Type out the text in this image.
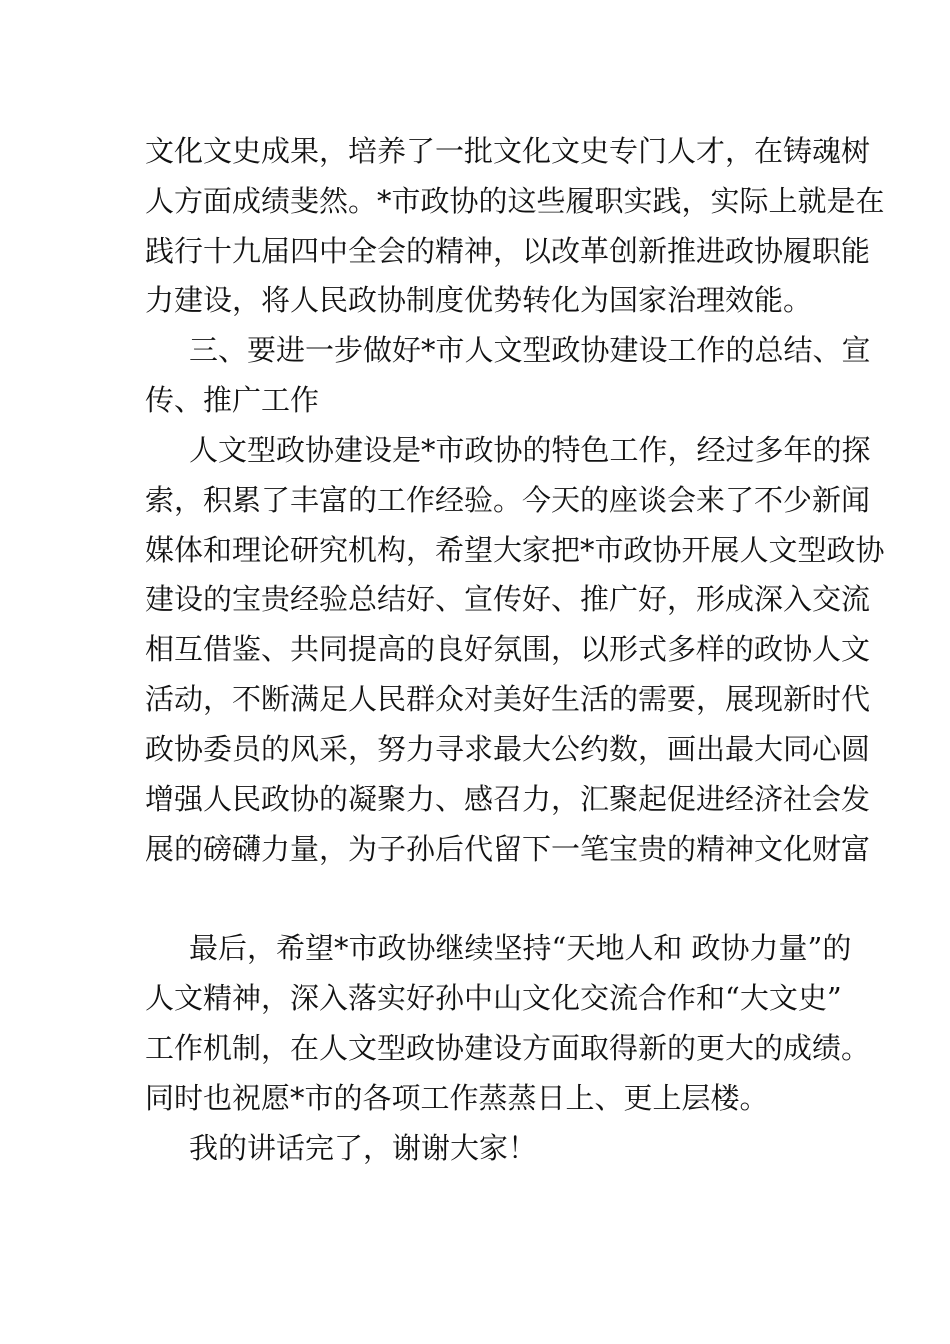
文化文史成果，培养了一批文化文史专门人才，在铸魂树
人方面成绩斐然。*市政协的这些履职实践，实际上就是在
践行十九届四中全会的精神，以改革创新推进政协履职能
力建设，将人民政协制度优势转化为国家治理效能。
三、要进一步做好*市人文型政协建设工作的总结、宣
传、推广工作
人文型政协建设是*市政协的特色工作，经过多年的探
索，积累了丰富的工作经验。今天的座谈会来了不少新闻
媒体和理论研究机构，希望大家把*市政协开展人文型政协
建设的宝贵经验总结好、宣传好、推广好，形成深入交流
相互借鉴、共同提高的良好氛围，以形式多样的政协人文
活动，不断满足人民群众对美好生活的需要，展现新时代
政协委员的风采，努力寻求最大公约数，画出最大同心圆
增强人民政协的凝聚力、感召力，汇聚起促进经济社会发
展的磅礴力量，为子孙后代留下一笔宝贵的精神文化财富
最后，希望*市政协继续坚持“天地人和 政协力量”的
人文精神，深入落实好孙中山文化交流合作和“大文史”
工作机制，在人文型政协建设方面取得新的更大的成绩。
同时也祝愿*市的各项工作蒸蒸日上、更上层楼。
我的讲话完了，谢谢大家！
